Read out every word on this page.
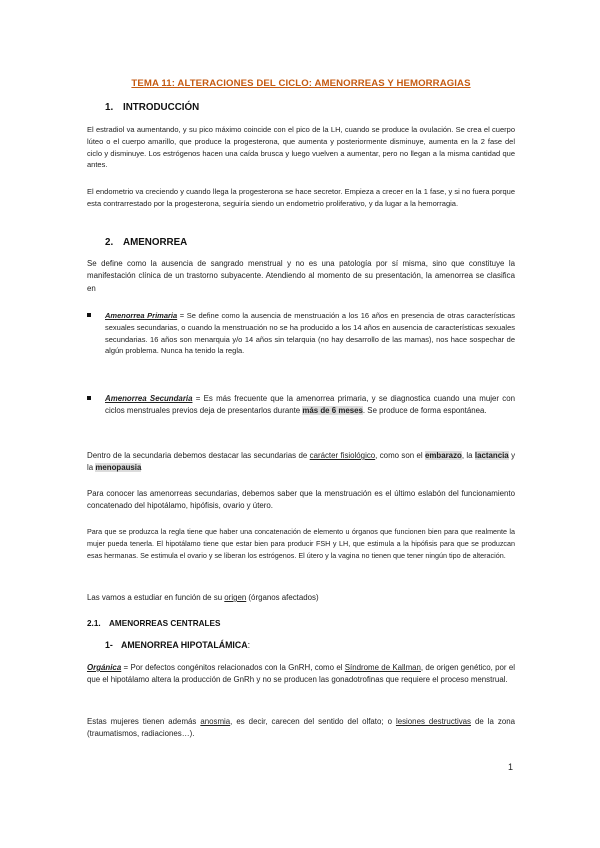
TEMA 11: ALTERACIONES DEL CICLO: AMENORREAS Y HEMORRAGIAS
1. INTRODUCCIÓN

El estradiol va aumentando, y su pico máximo coincide con el pico de la LH, cuando se produce la ovulación. Se crea el cuerpo lúteo o el cuerpo amarillo, que produce la progesterona, que aumenta y posteriormente disminuye, aumenta en la 2 fase del ciclo y disminuye. Los estrógenos hacen una caída brusca y luego vuelven a aumentar, pero no llegan a la misma cantidad que antes.

El endometrio va creciendo y cuando llega la progesterona se hace secretor. Empieza a crecer en la 1 fase, y si no fuera porque esta contrarrestado por la progesterona, seguiría siendo un endometrio proliferativo, y da lugar a la hemorragia.

2. AMENORREA

Se define como la ausencia de sangrado menstrual y no es una patología por sí misma, sino que constituye la manifestación clínica de un trastorno subyacente. Atendiendo al momento de su presentación, la amenorrea se clasifica en

Amenorrea Primaria = Se define como la ausencia de menstruación a los 16 años en presencia de otras características sexuales secundarias, o cuando la menstruación no se ha producido a los 14 años en ausencia de características sexuales secundarias. 16 años son menarquia y/o 14 años sin telarquia (no hay desarrollo de las mamas), nos hace sospechar de algún problema. Nunca ha tenido la regla.
Amenorrea Secundaria = Es más frecuente que la amenorrea primaria, y se diagnostica cuando una mujer con ciclos menstruales previos deja de presentarlos durante más de 6 meses. Se produce de forma espontánea.

Dentro de la secundaria debemos destacar las secundarias de carácter fisiológico, como son el embarazo, la lactancia y la menopausia

Para conocer las amenorreas secundarias, debemos saber que la menstruación es el último eslabón del funcionamiento concatenado del hipotálamo, hipófisis, ovario y útero.

Para que se produzca la regla tiene que haber una concatenación de elemento u órganos que funcionen bien para que realmente la mujer pueda tenerla. El hipotálamo tiene que estar bien para producir FSH y LH, que estimula a la hipófisis para que se produzcan esas hermanas. Se estimula el ovario y se liberan los estrógenos. El útero y la vagina no tienen que tener ningún tipo de alteración.

Las vamos a estudiar en función de su origen (órganos afectados)

2.1. AMENORREAS CENTRALES
1- AMENORREA HIPOTALÁMICA:

Orgánica = Por defectos congénitos relacionados con la GnRH, como el Síndrome de Kallman, de origen genético, por el que el hipotálamo altera la producción de GnRh y no se producen las gonadotrofinas que requiere el proceso menstrual.

Estas mujeres tienen además anosmia, es decir, carecen del sentido del olfato; o lesiones destructivas de la zona (traumatismos, radiaciones…).

1
